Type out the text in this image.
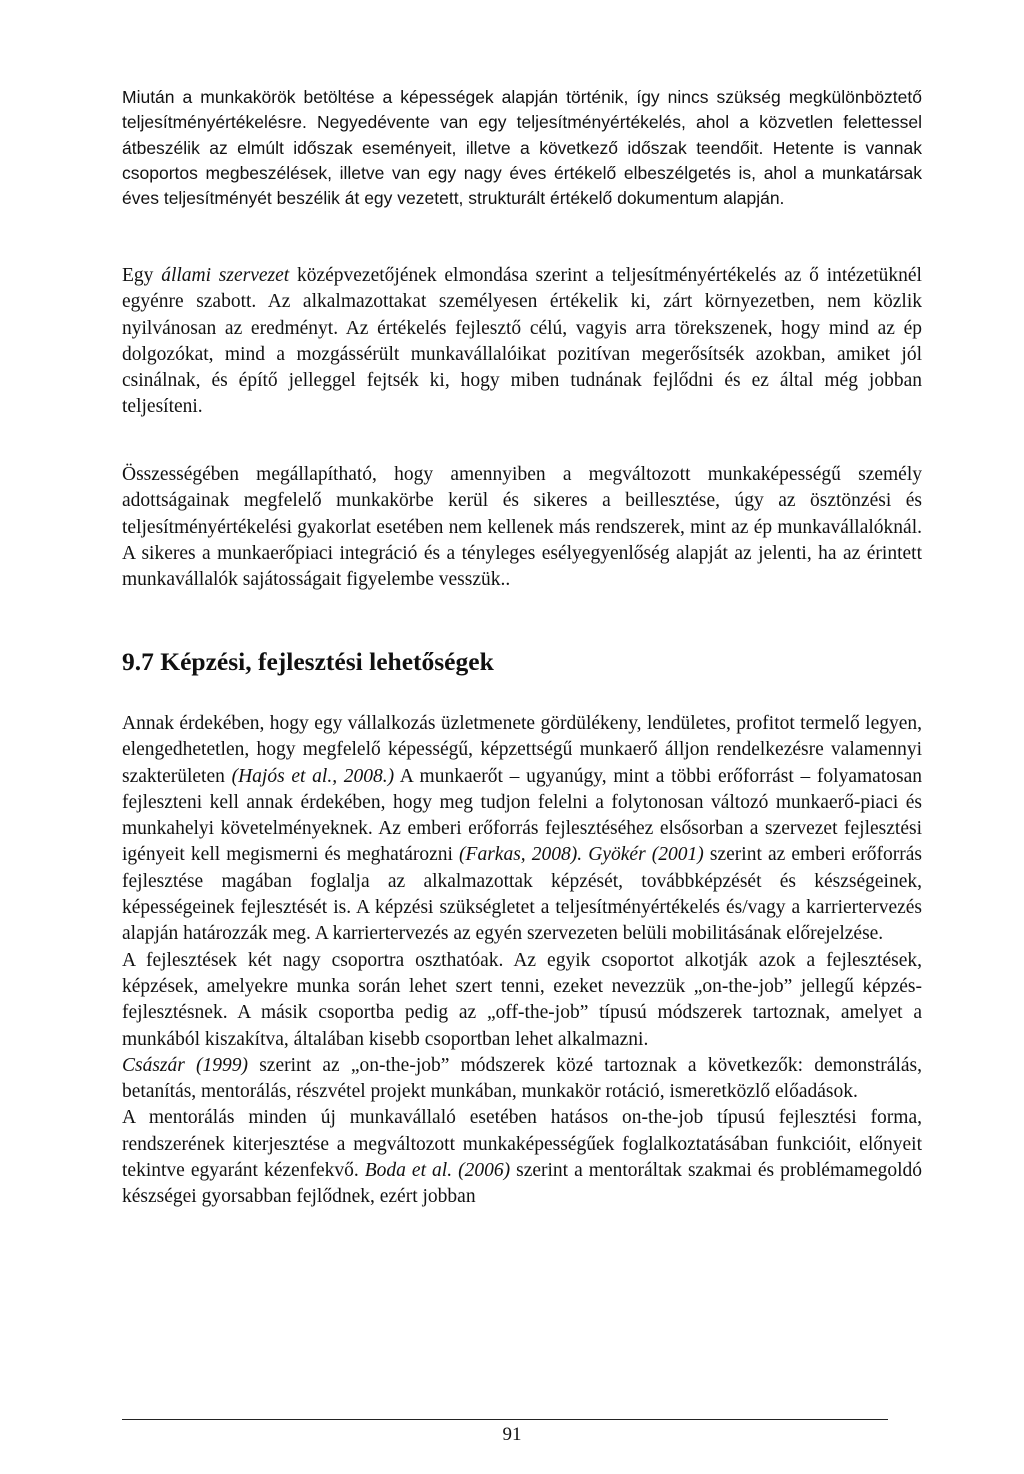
Miután a munkakörök betöltése a képességek alapján történik, így nincs szükség megkülönböztető teljesítményértékelésre. Negyedévente van egy teljesítményértékelés, ahol a közvetlen felettessel átbeszélik az elmúlt időszak eseményeit, illetve a következő időszak teendőit. Hetente is vannak csoportos megbeszélések, illetve van egy nagy éves értékelő elbeszélgetés is, ahol a munkatársak éves teljesítményét beszélik át egy vezetett, strukturált értékelő dokumentum alapján.

Egy állami szervezet középvezetőjének elmondása szerint a teljesítményértékelés az ő intézetüknél egyénre szabott. Az alkalmazottakat személyesen értékelik ki, zárt környezetben, nem közlik nyilvánosan az eredményt. Az értékelés fejlesztő célú, vagyis arra törekszenek, hogy mind az ép dolgozókat, mind a mozgássérült munkavállalóikat pozitívan megerősítsék azokban, amiket jól csinálnak, és építő jelleggel fejtsék ki, hogy miben tudnának fejlődni és ez által még jobban teljesíteni.

Összességében megállapítható, hogy amennyiben a megváltozott munkaképességű személy adottságainak megfelelő munkakörbe kerül és sikeres a beillesztése, úgy az ösztönzési és teljesítményértékelési gyakorlat esetében nem kellenek más rendszerek, mint az ép munkavállalóknál. A sikeres a munkaerőpiaci integráció és a tényleges esélyegyenlőség alapját az jelenti, ha az érintett munkavállalók sajátosságait figyelembe vesszük..

9.7 Képzési, fejlesztési lehetőségek
Annak érdekében, hogy egy vállalkozás üzletmenete gördülékeny, lendületes, profitot termelő legyen, elengedhetetlen, hogy megfelelő képességű, képzettségű munkaerő álljon rendelkezésre valamennyi szakterületen (Hajós et al., 2008.) A munkaerőt – ugyanúgy, mint a többi erőforrást – folyamatosan fejleszteni kell annak érdekében, hogy meg tudjon felelni a folytonosan változó munkaerő-piaci és munkahelyi követelményeknek. Az emberi erőforrás fejlesztéséhez elsősorban a szervezet fejlesztési igényeit kell megismerni és meghatározni (Farkas, 2008). Gyökér (2001) szerint az emberi erőforrás fejlesztése magában foglalja az alkalmazottak képzését, továbbképzését és készségeinek, képességeinek fejlesztését is. A képzési szükségletet a teljesítményértékelés és/vagy a karriertervezés alapján határozzák meg. A karriertervezés az egyén szervezeten belüli mobilitásának előrejelzése.
A fejlesztések két nagy csoportra oszthatóak. Az egyik csoportot alkotják azok a fejlesztések, képzések, amelyekre munka során lehet szert tenni, ezeket nevezzük „on-the-job” jellegű képzés-fejlesztésnek. A másik csoportba pedig az „off-the-job” típusú módszerek tartoznak, amelyet a munkából kiszakítva, általában kisebb csoportban lehet alkalmazni.
Császár (1999) szerint az „on-the-job” módszerek közé tartoznak a következők: demonstrálás, betanítás, mentorálás, részvétel projekt munkában, munkakör rotáció, ismeretközlő előadások.
A mentorálás minden új munkavállaló esetében hatásos on-the-job típusú fejlesztési forma, rendszerének kiterjesztése a megváltozott munkaképességűek foglalkoztatásában funkcióit, előnyeit tekintve egyaránt kézenfekvő. Boda et al. (2006) szerint a mentoráltak szakmai és problémamegoldó készségei gyorsabban fejlődnek, ezért jobban
91
